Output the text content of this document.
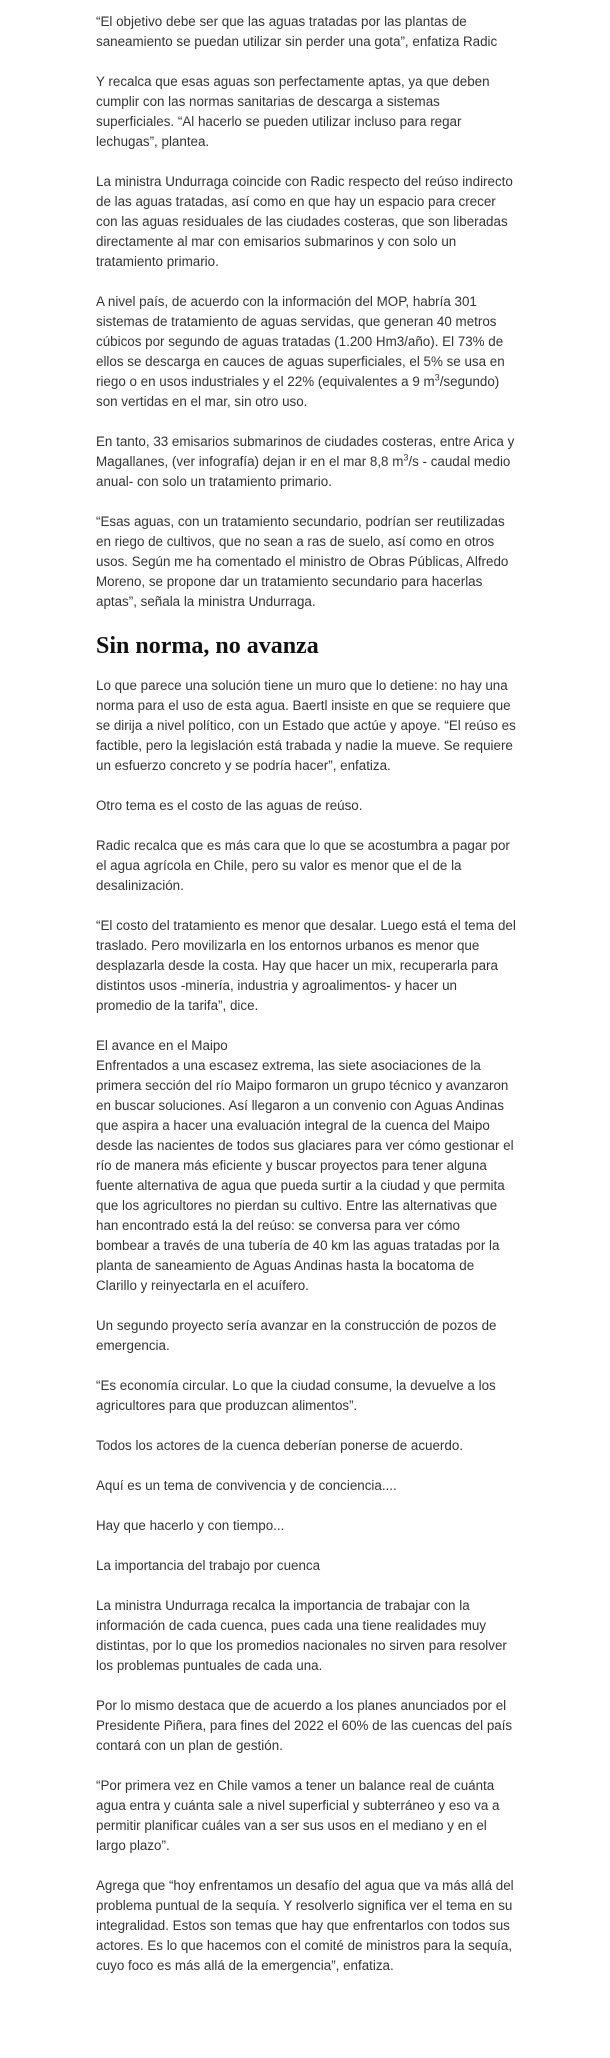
“El objetivo debe ser que las aguas tratadas por las plantas de saneamiento se puedan utilizar sin perder una gota”, enfatiza Radic

Y recalca que esas aguas son perfectamente aptas, ya que deben cumplir con las normas sanitarias de descarga a sistemas superficiales. “Al hacerlo se pueden utilizar incluso para regar lechugas”, plantea.

La ministra Undurraga coincide con Radic respecto del reúso indirecto de las aguas tratadas, así como en que hay un espacio para crecer con las aguas residuales de las ciudades costeras, que son liberadas directamente al mar con emisarios submarinos y con solo un tratamiento primario.

A nivel país, de acuerdo con la información del MOP, habría 301 sistemas de tratamiento de aguas servidas, que generan 40 metros cúbicos por segundo de aguas tratadas (1.200 Hm3/año). El 73% de ellos se descarga en cauces de aguas superficiales, el 5% se usa en riego o en usos industriales y el 22% (equivalentes a 9 $m^3/segundo$) son vertidas en el mar, sin otro uso.

En tanto, 33 emisarios submarinos de ciudades costeras, entre Arica y Magallanes, (ver infografía) dejan ir en el mar 8,8 $m^3/s$ - caudal medio anual- con solo un tratamiento primario.

“Esas aguas, con un tratamiento secundario, podrían ser reutilizadas en riego de cultivos, que no sean a ras de suelo, así como en otros usos. Según me ha comentado el ministro de Obras Públicas, Alfredo Moreno, se propone dar un tratamiento secundario para hacerlas aptas”, señala la ministra Undurraga.

Sin norma, no avanza

Lo que parece una solución tiene un muro que lo detiene: no hay una norma para el uso de esta agua. Baertl insiste en que se requiere que se dirija a nivel político, con un Estado que actúe y apoye. “El reúso es factible, pero la legislación está trabada y nadie la mueve. Se requiere un esfuerzo concreto y se podría hacer”, enfatiza.

Otro tema es el costo de las aguas de reúso.

Radic recalca que es más cara que lo que se acostumbra a pagar por el agua agrícola en Chile, pero su valor es menor que el de la desalinización.

“El costo del tratamiento es menor que desalar. Luego está el tema del traslado. Pero movilizarla en los entornos urbanos es menor que desplazarla desde la costa. Hay que hacer un mix, recuperarla para distintos usos -minería, industria y agroalimentos- y hacer un promedio de la tarifa”, dice.

El avance en el Maipo

Enfrentados a una escasez extrema, las siete asociaciones de la primera sección del río Maipo formaron un grupo técnico y avanzaron en buscar soluciones. Así llegaron a un convenio con Aguas Andinas que aspira a hacer una evaluación integral de la cuenca del Maipo desde las nacientes de todos sus glaciares para ver cómo gestionar el río de manera más eficiente y buscar proyectos para tener alguna fuente alternativa de agua que pueda surtir a la ciudad y que permita que los agricultores no pierdan su cultivo. Entre las alternativas que han encontrado está la del reúso: se conversa para ver cómo bombear a través de una tubería de 40 km las aguas tratadas por la planta de saneamiento de Aguas Andinas hasta la bocatoma de Clarillo y reinyectarla en el acuífero.

Un segundo proyecto sería avanzar en la construcción de pozos de emergencia.

“Es economía circular. Lo que la ciudad consume, la devuelve a los agricultores para que produzcan alimentos”.

Todos los actores de la cuenca deberían ponerse de acuerdo.

Aquí es un tema de convivencia y de conciencia....

Hay que hacerlo y con tiempo...

La importancia del trabajo por cuenca

La ministra Undurraga recalca la importancia de trabajar con la información de cada cuenca, pues cada una tiene realidades muy distintas, por lo que los promedios nacionales no sirven para resolver los problemas puntuales de cada una.

Por lo mismo destaca que de acuerdo a los planes anunciados por el Presidente Piñera, para fines del 2022 el 60% de las cuencas del país contará con un plan de gestión.

“Por primera vez en Chile vamos a tener un balance real de cuánta agua entra y cuánta sale a nivel superficial y subterráneo y eso va a permitir planificar cuáles van a ser sus usos en el mediano y en el largo plazo”.

Agrega que “hoy enfrentamos un desafío del agua que va más allá del problema puntual de la sequía. Y resolverlo significa ver el tema en su integralidad. Estos son temas que hay que enfrentarlos con todos sus actores. Es lo que hacemos con el comité de ministros para la sequía, cuyo foco es más allá de la emergencia”, enfatiza.
